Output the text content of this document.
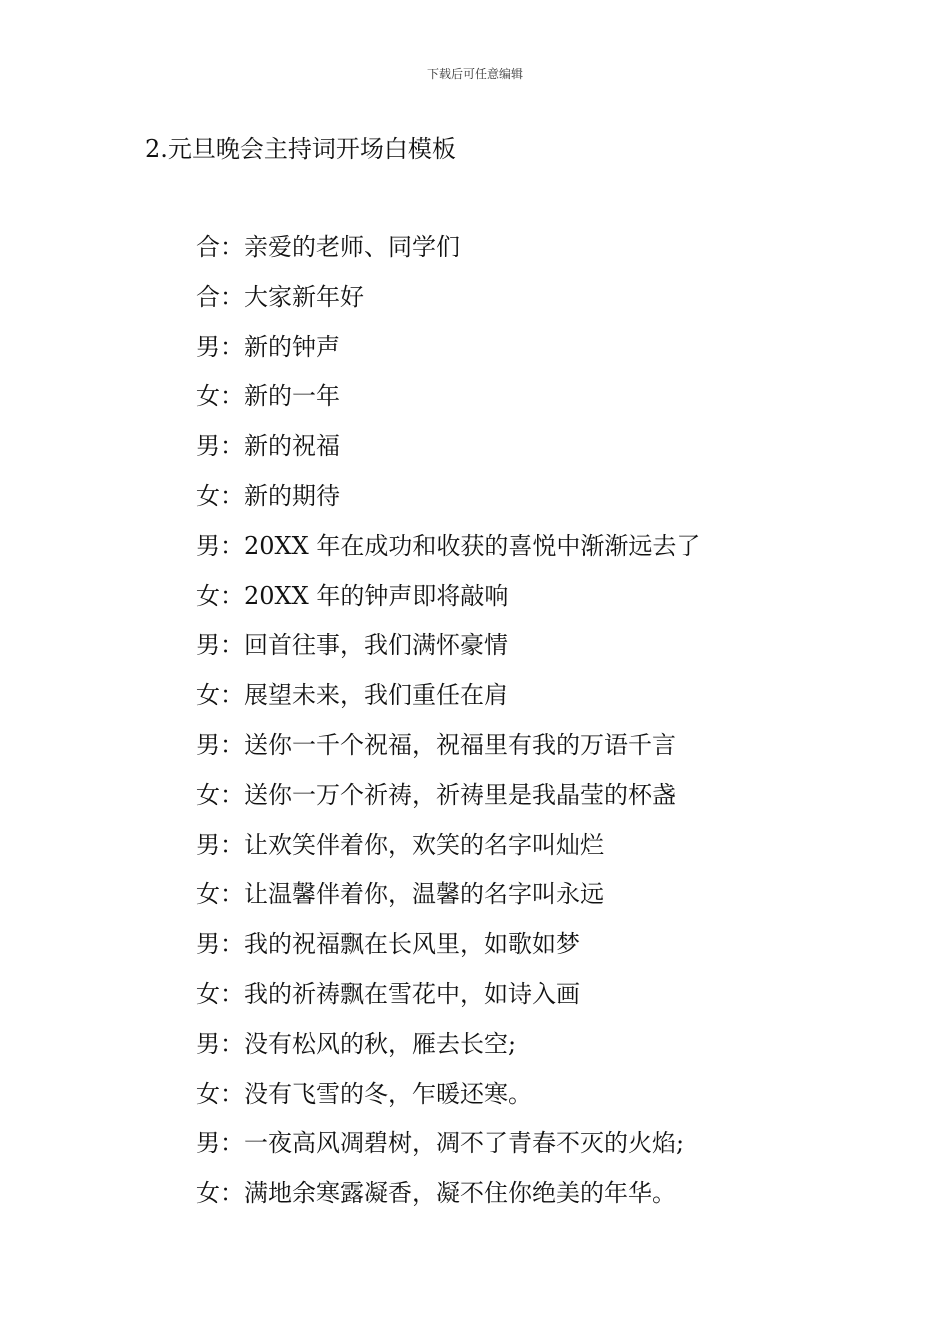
下载后可任意编辑
2.元旦晚会主持词开场白模板
合：亲爱的老师、同学们
合：大家新年好
男：新的钟声
女：新的一年
男：新的祝福
女：新的期待
男：20XX 年在成功和收获的喜悦中渐渐远去了
女：20XX 年的钟声即将敲响
男：回首往事，我们满怀豪情
女：展望未来，我们重任在肩
男：送你一千个祝福，祝福里有我的万语千言
女：送你一万个祈祷，祈祷里是我晶莹的杯盏
男：让欢笑伴着你，欢笑的名字叫灿烂
女：让温馨伴着你，温馨的名字叫永远
男：我的祝福飘在长风里，如歌如梦
女：我的祈祷飘在雪花中，如诗入画
男：没有松风的秋，雁去长空;
女：没有飞雪的冬，乍暖还寒。
男：一夜高风凋碧树，凋不了青春不灭的火焰;
女：满地余寒露凝香，凝不住你绝美的年华。
